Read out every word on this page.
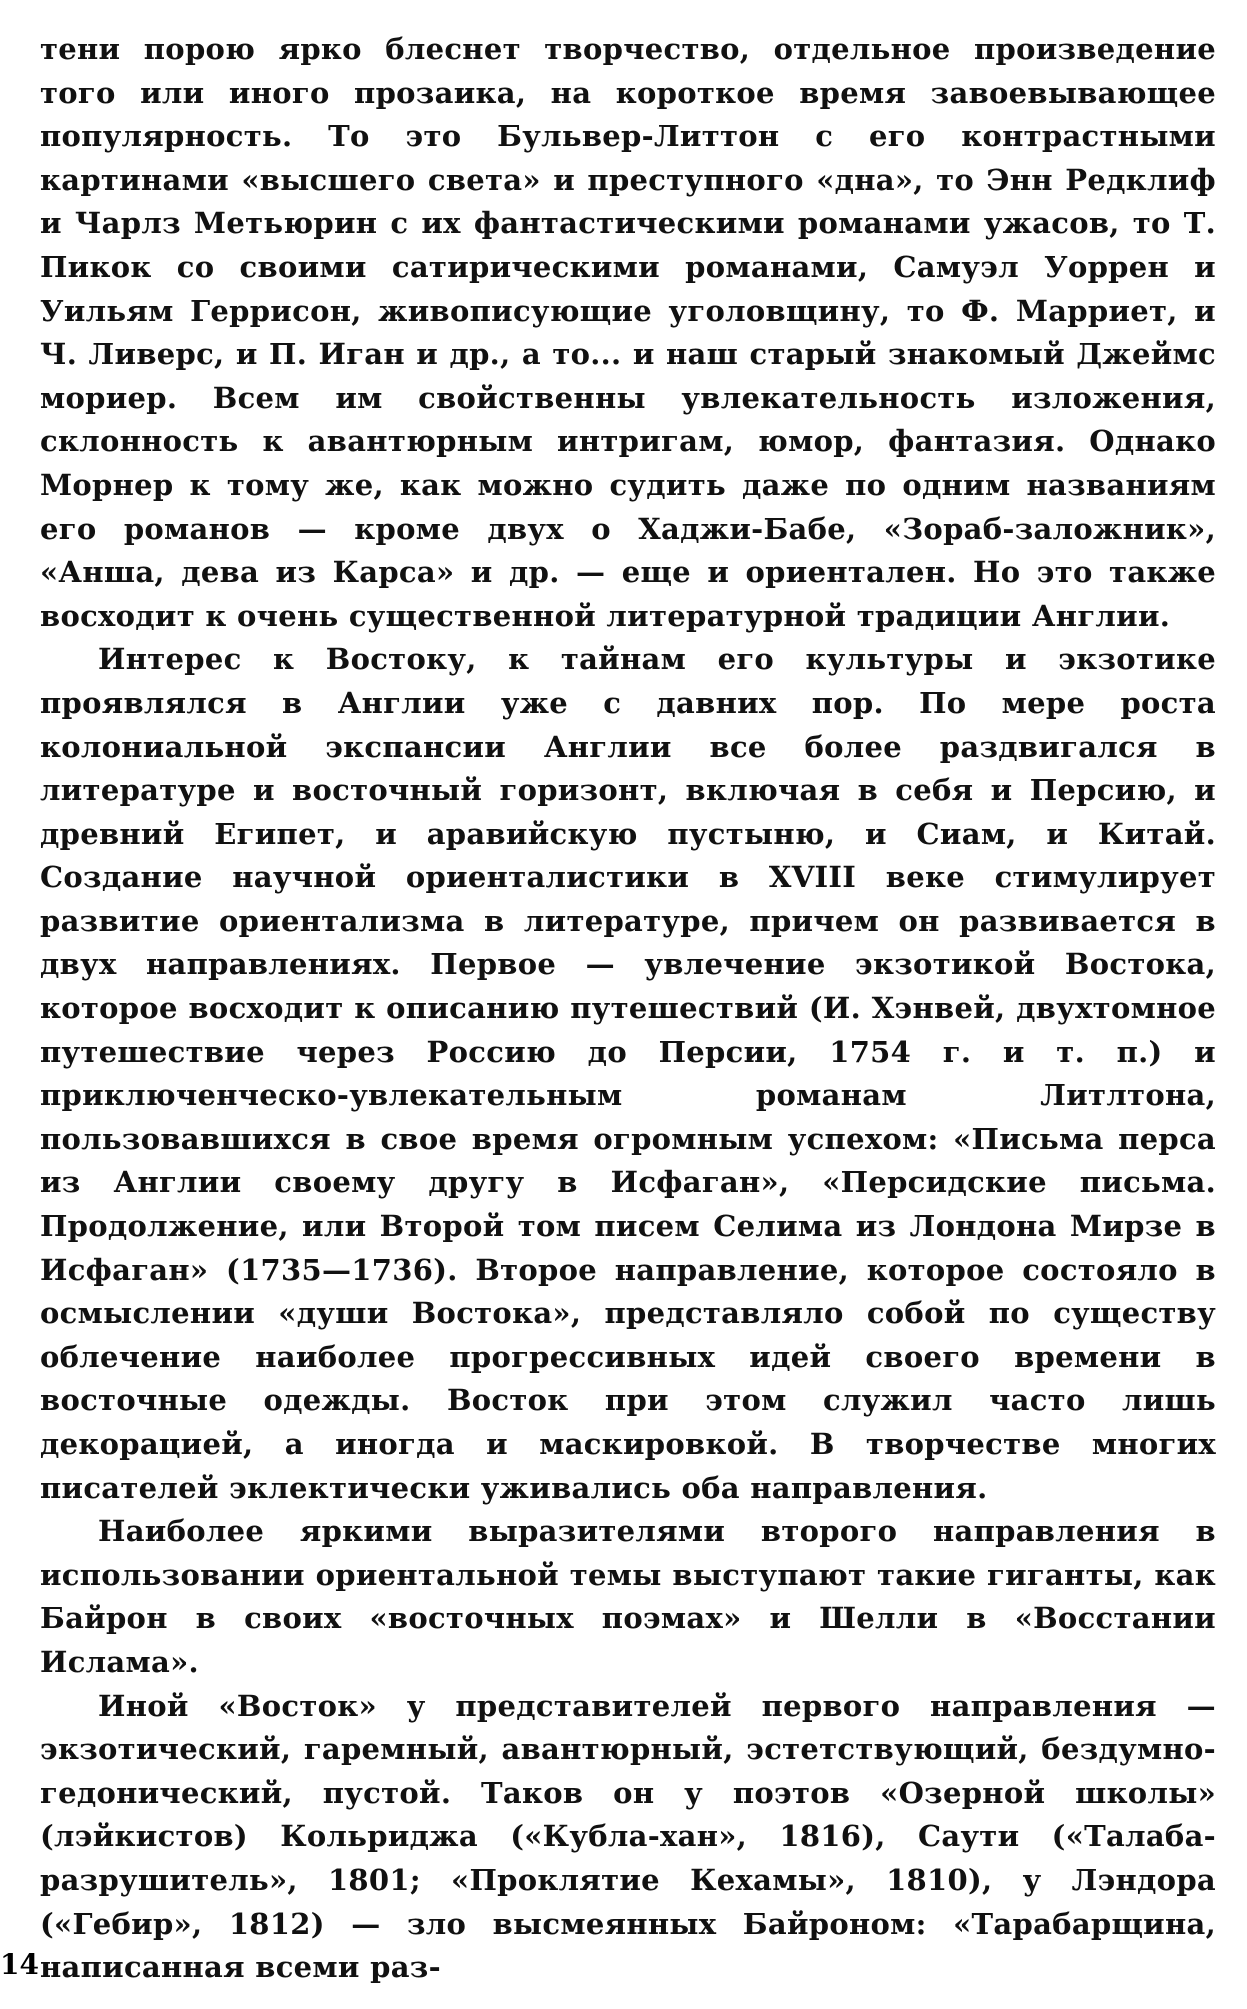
тени порою ярко блеснет творчество, отдельное произведение того или иного прозаика, на короткое время завоевывающее популярность. То это Бульвер-Литтон с его контрастными картинами «высшего света» и преступного «дна», то Энн Редклиф и Чарлз Метьюрин с их фантастическими романами ужасов, то Т. Пикок со своими сатирическими романами, Самуэл Уоррен и Уильям Геррисон, живописующие уголовщину, то Ф. Марриет, и Ч. Ливерс, и П. Иган и др., а то... и наш старый знакомый Джеймс мориер. Всем им свойственны увлекательность изложения, склонность к авантюрным интригам, юмор, фантазия. Однако Морнер к тому же, как можно судить даже по одним названиям его романов — кроме двух о Хаджи-Бабе, «Зораб-заложник», «Анша, дева из Карса» и др. — еще и ориентален. Но это также восходит к очень существенной литературной традиции Англии.

Интерес к Востоку, к тайнам его культуры и экзотике проявлялся в Англии уже с давних пор. По мере роста колониальной экспансии Англии все более раздвигался в литературе и восточный горизонт, включая в себя и Персию, и древний Египет, и аравийскую пустыню, и Сиам, и Китай. Создание научной ориенталистики в XVIII веке стимулирует развитие ориентализма в литературе, причем он развивается в двух направлениях. Первое — увлечение экзотикой Востока, которое восходит к описанию путешествий (И. Хэнвей, двухтомное путешествие через Россию до Персии, 1754 г. и т. п.) и приключенческо-увлекательным романам Литлтона, пользовавшихся в свое время огромным успехом: «Письма перса из Англии своему другу в Исфаган», «Персидские письма. Продолжение, или Второй том писем Селима из Лондона Мирзе в Исфаган» (1735—1736). Второе направление, которое состояло в осмыслении «души Востока», представляло собой по существу облечение наиболее прогрессивных идей своего времени в восточные одежды. Восток при этом служил часто лишь декорацией, а иногда и маскировкой. В творчестве многих писателей эклектически уживались оба направления.

Наиболее яркими выразителями второго направления в использовании ориентальной темы выступают такие гиганты, как Байрон в своих «восточных поэмах» и Шелли в «Восстании Ислама».

Иной «Восток» у представителей первого направления — экзотический, гаремный, авантюрный, эстетствующий, бездумно-гедонический, пустой. Таков он у поэтов «Озерной школы» (лэйкистов) Кольриджа («Кубла-хан», 1816), Саути («Талаба-разрушитель», 1801; «Проклятие Кехамы», 1810), у Лэндора («Гебир», 1812) — зло высмеянных Байроном: «Тарабарщина, написанная всеми раз-

14
